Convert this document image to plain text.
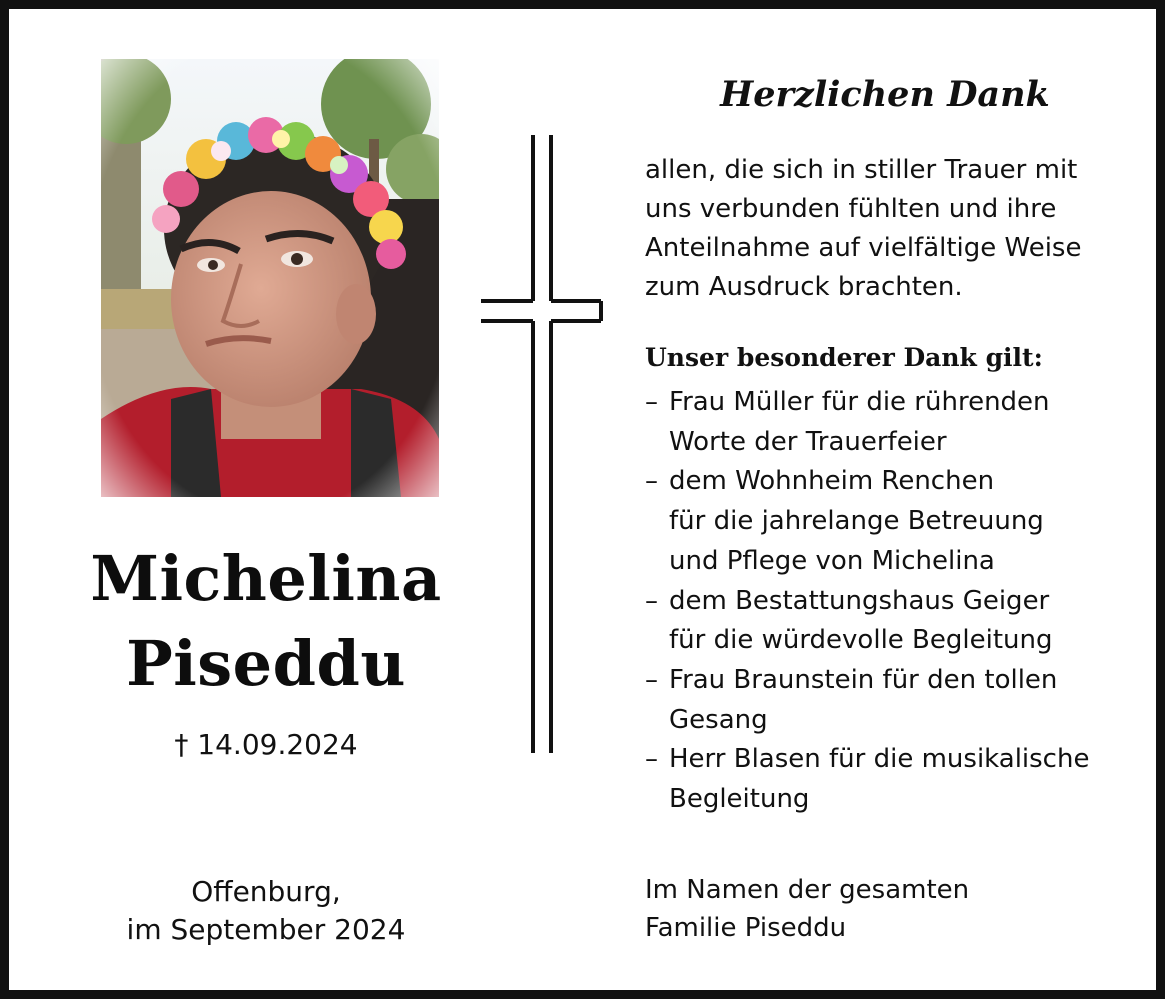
Michelina
Piseddu
† 14.09.2024
Offenburg,
im September 2024
Herzlichen Dank
allen, die sich in stiller Trauer mit
uns verbunden fühlten und ihre
Anteilnahme auf vielfältige Weise
zum Ausdruck brachten.
Unser besonderer Dank gilt:
– Frau Müller für die rührenden
Worte der Trauerfeier
– dem Wohnheim Renchen
für die jahrelange Betreuung
und Pflege von Michelina
– dem Bestattungshaus Geiger
für die würdevolle Begleitung
– Frau Braunstein für den tollen
Gesang
– Herr Blasen für die musikalische
Begleitung
Im Namen der gesamten
Familie Piseddu
